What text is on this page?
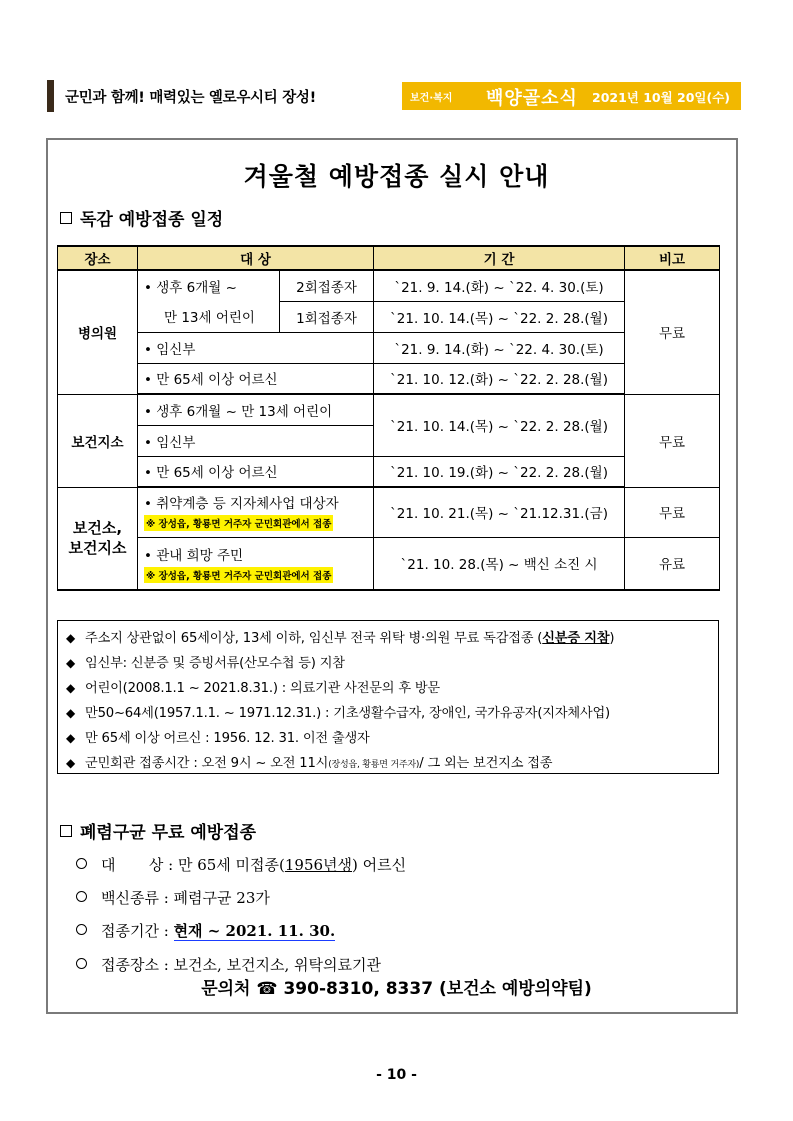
군민과 함께! 매력있는 옐로우시티 장성!	보건·복지 백양골소식 2021년 10월 20일(수)
겨울철 예방접종 실시 안내
독감 예방접종 일정
장소	대 상		기 간	비고
병의원	• 생후 6개월 ~	2회접종자	`21. 9. 14.(화) ~ `22. 4. 30.(토)	무료
	만 13세 어린이	1회접종자	`21. 10. 14.(목) ~ `22. 2. 28.(월)	
	• 임신부		`21. 9. 14.(화) ~ `22. 4. 30.(토)	
	• 만 65세 이상 어르신		`21. 10. 12.(화) ~ `22. 2. 28.(월)	
보건지소	• 생후 6개월 ~ 만 13세 어린이		`21. 10. 14.(목) ~ `22. 2. 28.(월)	무료
	• 임신부			
	• 만 65세 이상 어르신		`21. 10. 19.(화) ~ `22. 2. 28.(월)	
보건소,
보건지소	• 취약계층 등 지자체사업 대상자
※ 장성읍, 황룡면 거주자 군민회관에서 접종		`21. 10. 21.(목) ~ `21.12.31.(금)	무료
	• 관내 희망 주민
※ 장성읍, 황룡면 거주자 군민회관에서 접종		`21. 10. 28.(목) ~ 백신 소진 시	유료
◆ 주소지 상관없이 65세이상, 13세 이하, 임신부 전국 위탁 병·의원 무료 독감접종 (신분증 지참)
◆ 임신부: 신분증 및 증빙서류(산모수첩 등) 지참
◆ 어린이(2008.1.1 ~ 2021.8.31.) : 의료기관 사전문의 후 방문
◆ 만50~64세(1957.1.1. ~ 1971.12.31.) : 기초생활수급자, 장애인, 국가유공자(지자체사업)
◆ 만 65세 이상 어르신 : 1956. 12. 31. 이전 출생자
◆ 군민회관 접종시간 : 오전 9시 ~ 오전 11시(장성읍, 황룡면 거주자)/ 그 외는 보건지소 접종
폐렴구균 무료 예방접종
대       상 : 만 65세 미접종(1956년생) 어르신
백신종류 : 폐렴구균 23가
접종기간 : 현재 ~ 2021. 11. 30.
접종장소 : 보건소, 보건지소, 위탁의료기관
문의처 ☎ 390-8310, 8337 (보건소 예방의약팀)
- 10 -
